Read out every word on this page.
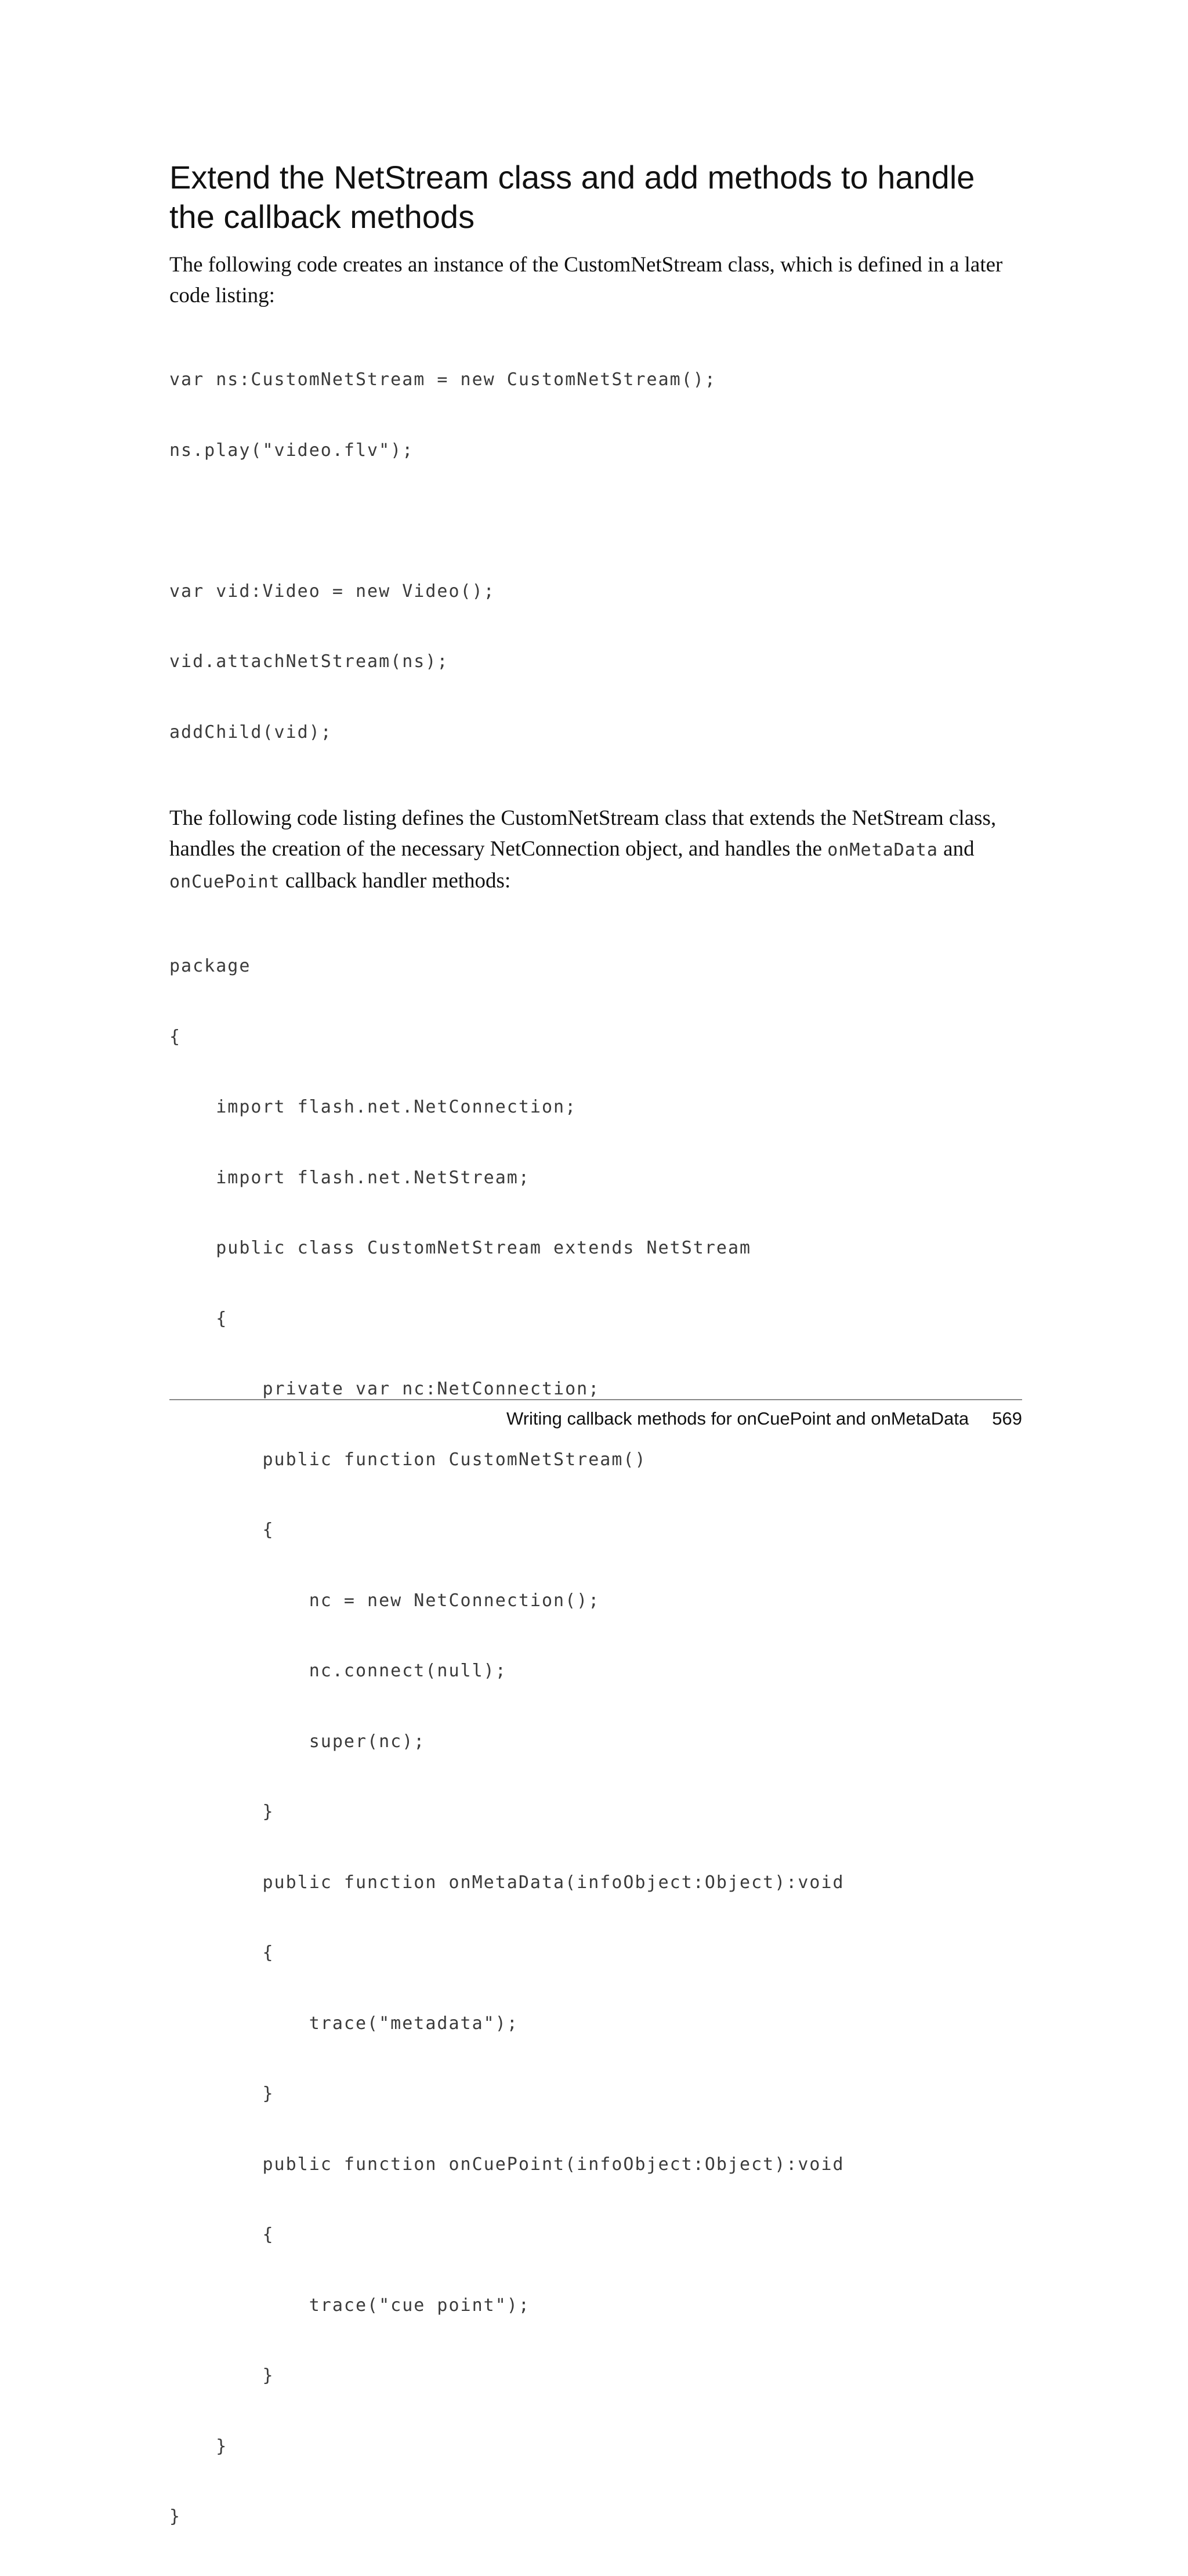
Extend the NetStream class and add methods to handle the callback methods

The following code creates an instance of the CustomNetStream class, which is defined in a later code listing:

var ns:CustomNetStream = new CustomNetStream();

ns.play("video.flv");

var vid:Video = new Video();

vid.attachNetStream(ns);

addChild(vid);

The following code listing defines the CustomNetStream class that extends the NetStream class, handles the creation of the necessary NetConnection object, and handles the onMetaData and onCuePoint callback handler methods:

package

{

import flash.net.NetConnection;

import flash.net.NetStream;

public class CustomNetStream extends NetStream

{

private var nc:NetConnection;

public function CustomNetStream()

{

nc = new NetConnection();

nc.connect(null);

super(nc);

}

public function onMetaData(infoObject:Object):void

{

trace("metadata");

}

public function onCuePoint(infoObject:Object):void

{

trace("cue point");

}

}

}

Writing callback methods for onCuePoint and onMetaData 569
